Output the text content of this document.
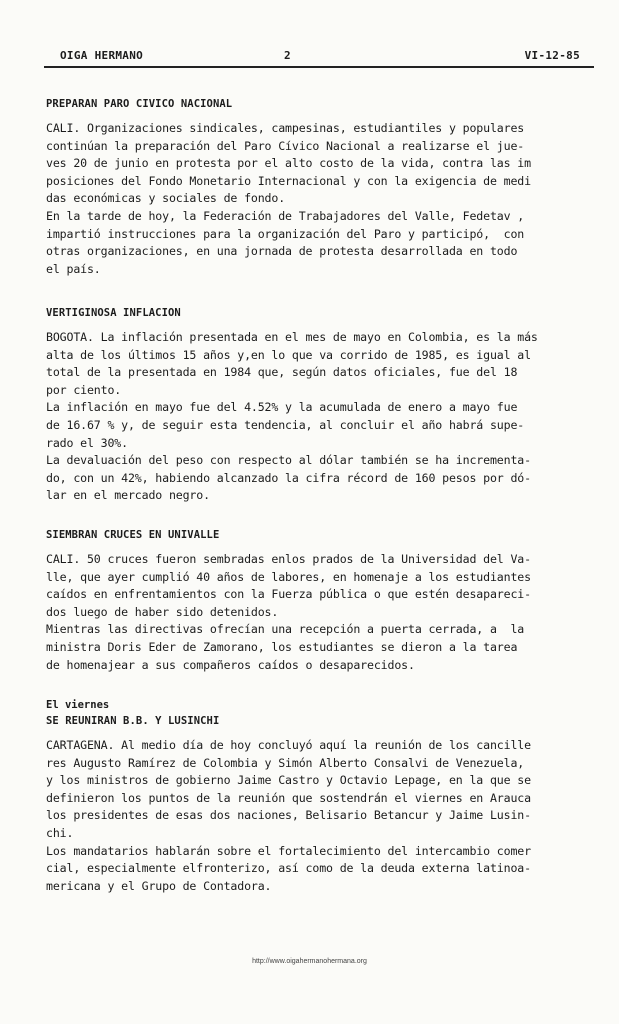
OIGA HERMANO	2	VI-12-85
PREPARAN PARO CIVICO NACIONAL
CALI. Organizaciones sindicales, campesinas, estudiantiles y populares
continúan la preparación del Paro Cívico Nacional a realizarse el jue-
ves 20 de junio en protesta por el alto costo de la vida, contra las im
posiciones del Fondo Monetario Internacional y con la exigencia de medi
das económicas y sociales de fondo.
En la tarde de hoy, la Federación de Trabajadores del Valle, Fedetav ,
impartió instrucciones para la organización del Paro y participó,  con
otras organizaciones, en una jornada de protesta desarrollada en todo
el país.
VERTIGINOSA INFLACION
BOGOTA. La inflación presentada en el mes de mayo en Colombia, es la más
alta de los últimos 15 años y,en lo que va corrido de 1985, es igual al
total de la presentada en 1984 que, según datos oficiales, fue del 18
por ciento.
La inflación en mayo fue del 4.52% y la acumulada de enero a mayo fue
de 16.67 % y, de seguir esta tendencia, al concluir el año habrá supe-
rado el 30%.
La devaluación del peso con respecto al dólar también se ha incrementa-
do, con un 42%, habiendo alcanzado la cifra récord de 160 pesos por dó-
lar en el mercado negro.
SIEMBRAN CRUCES EN UNIVALLE
CALI. 50 cruces fueron sembradas enlos prados de la Universidad del Va-
lle, que ayer cumplió 40 años de labores, en homenaje a los estudiantes
caídos en enfrentamientos con la Fuerza pública o que estén desapareci-
dos luego de haber sido detenidos.
Mientras las directivas ofrecían una recepción a puerta cerrada, a  la
ministra Doris Eder de Zamorano, los estudiantes se dieron a la tarea
de homenajear a sus compañeros caídos o desaparecidos.
El viernes
SE REUNIRAN B.B. Y LUSINCHI
CARTAGENA. Al medio día de hoy concluyó aquí la reunión de los cancille
res Augusto Ramírez de Colombia y Simón Alberto Consalvi de Venezuela,
y los ministros de gobierno Jaime Castro y Octavio Lepage, en la que se
definieron los puntos de la reunión que sostendrán el viernes en Arauca
los presidentes de esas dos naciones, Belisario Betancur y Jaime Lusin-
chi.
Los mandatarios hablarán sobre el fortalecimiento del intercambio comer
cial, especialmente elfronterizo, así como de la deuda externa latinoa-
mericana y el Grupo de Contadora.
http://www.oigahermanohermana.org
